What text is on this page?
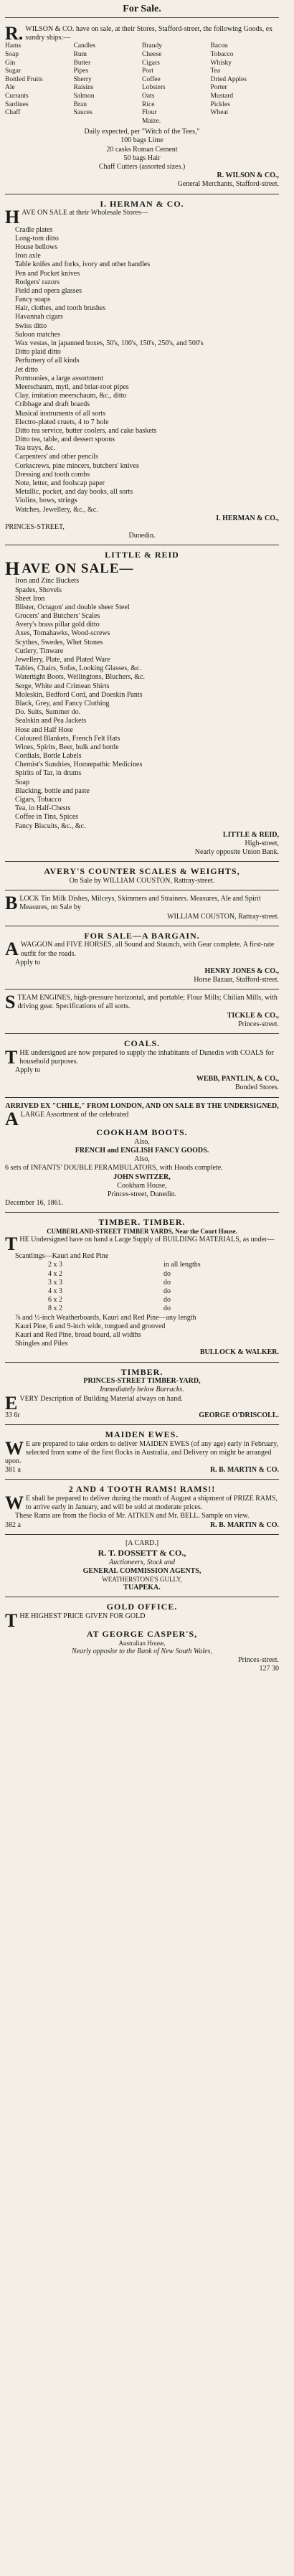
For Sale.
R. WILSON & CO. have on sale, at their Stores, Stafford-street, the following Goods, ex sundry ships:—
Hams	Candles	Brandy	Bacon
Soap	Rum	Cheese	Tobacco
Gin	Butter	Cigars	Whisky
Sugar	Pipes	Port	Tea
Bottled Fruits	Sherry	Coffee	Dried Apples
Ale	Raisins	Lobsters	Porter
Currants	Salmon	Oats	Mustard
Sardines	Bran	Rice	Pickles
Chaff	Sauces	Flour	Wheat
Maize.
Daily expected, per "Witch of the Tees,"
100 bags Lime
20 casks Roman Cement
50 bags Hair
Chaff Cutters (assorted sizes.)
R. WILSON & CO.,
General Merchants, Stafford-street.
I. HERMAN & CO.
HAVE ON SALE at their Wholesale Stores—
Cradle plates
Long-tom ditto
House bellows
Iron axle
Table knifes and forks, ivory and other handles
Pen and Pocket knives
Rodgers' razors
Field and opera glasses
Fancy soaps
Hair, clothes, and tooth brushes
Havannah cigars
Swiss ditto
Saloon matches
Wax vestas, in japanned boxes, 50's, 100's, 150's, 250's, and 500's
Ditto plaid ditto
Perfumery of all kinds
Jet ditto
Portmonies, a large assortment
Meerschaum, mytl, and briar-root pipes
Clay, imitation meerschaum, &c., ditto
Cribbage and draft boards
Musical instruments of all sorts
Electro-plated cruets, 4 to 7 hole
Ditto tea service, butter coolers, and cake baskets
Ditto tea, table, and dessert spoons
Tea trays, &c.
Carpenters' and other pencils
Corkscrews, pine mincers, butchers' knives
Dressing and tooth combs
Note, letter, and foolscap paper
Metallic, pocket, and day books, all sorts
Violins, bows, strings
Watches, Jewellery, &c., &c.
I. HERMAN & CO.,
PRINCES-STREET,
Dunedin.
LITTLE & REID
H AVE ON SALE—
Iron and Zinc Buckets
Spades, Shovels
Sheet Iron
Blister, Octagon' and double sheer Steel
Grocers' and Butchers' Scales
Avery's brass pillar gold ditto
Axes, Tomahawks, Wood-screws
Scythes, Swedes, Whet Stones
Cutlery, Tinware
Jewellery, Plate, and Plated Ware
Tables, Chairs, Sofas, Looking Glasses, &c.
Watertight Boots, Wellingtons, Bluchers, &c.
Serge, White and Crimean Shirts
Moleskin, Bedford Cord, and Doeskin Pants
Black, Grey, and Fancy Clothing
Do. Suits, Summer do.
Sealskin and Pea Jackets
Hose and Half Hose
Coloured Blankets, French Felt Hats
Wines, Spirits, Beer, bulk and bottle
Cordials, Bottle Labels
Chemist's Sundries, Homœpathic Medicines
Spirits of Tar, in drums
Soap
Blacking, bottle and paste
Cigars, Tobacco
Tea, in Half-Chests
Coffee in Tins, Spices
Fancy Biscuits, &c., &c.
LITTLE & REID,
High-street,
Nearly opposite Union Bank.
AVERY'S COUNTER SCALES & WEIGHTS,
On Sale by WILLIAM COUSTON, Rattray-street.
BLOCK Tin Milk Dishes, Milceys, Skimmers and Strainers. Measures, Ale and Spirit Measures, on Sale by
WILLIAM COUSTON, Rattray-street.
FOR SALE—A BARGAIN.
AWAGGON and FIVE HORSES, all Sound and Staunch, with Gear complete. A first-rate outfit for the roads.
Apply to
HENRY JONES & CO.,
Horse Bazaar, Stafford-street.
STEAM ENGINES, high-pressure horizontal, and portable; Flour Mills; Chilian Mills, with driving gear. Specifications of all sorts.
TICKLE & CO.,
Princes-street.
COALS.
THE undersigned are now prepared to supply the inhabitants of Dunedin with COALS for household purposes.
Apply to
WEBB, PANTLIN, & CO.,
Bonded Stores.
ARRIVED EX "CHILE," FROM LONDON, AND ON SALE BY THE UNDERSIGNED,
ALARGE Assortment of the celebrated
COOKHAM BOOTS.
Also,
FRENCH and ENGLISH FANCY GOODS.
Also,
6 sets of INFANTS' DOUBLE PERAMBULATORS, with Hoods complete.
JOHN SWITZER,
Cookham House,
Princes-street, Dunedin.
December 16, 1861.
TIMBER. TIMBER.
CUMBERLAND-STREET TIMBER YARDS, Near the Court House.
THE Undersigned have on hand a Large Supply of BUILDING MATERIALS, as under—
Scantlings—Kauri and Red Pine
2 x 3	in all lengths
4 x 2	do
3 x 3	do
4 x 3	do
6 x 2	do
8 x 2	do
⅞ and ½-inch Weatherboards, Kauri and Red Pine—any length
Kauri Pine, 6 and 9-inch wide, tongued and grooved
Kauri and Red Pine, broad board, all widths
Shingles and Piles
BULLOCK & WALKER.
TIMBER.
PRINCES-STREET TIMBER-YARD,
Immediately below Barracks.
EVERY Description of Building Material always on hand.
33 6r	GEORGE O'DRISCOLL.
MAIDEN EWES.
W E are prepared to take orders to deliver MAIDEN EWES (of any age) early in February, selected from some of the first flocks in Australia, and Delivery on might be arranged upon.
381 a	R. B. MARTIN & CO.
2 AND 4 TOOTH RAMS! RAMS!!
W E shall be prepared to deliver during the month of August a shipment of PRIZE RAMS, to arrive early in January, and will be sold at moderate prices.
These Rams are from the flocks of Mr. AITKEN and Mr. BELL. Sample on view.
382 a	R. B. MARTIN & CO.
[A CARD.]
R. T. DOSSETT & CO.,
Auctioneers, Stock and
GENERAL COMMISSION AGENTS,
WEATHERSTONE'S GULLY,
TUAPEKA.
GOLD OFFICE.
THE HIGHEST PRICE GIVEN FOR GOLD
AT GEORGE CASPER'S,
Australian House,
Nearly opposite to the Bank of New South Wales,
Princes-street.
127 30
